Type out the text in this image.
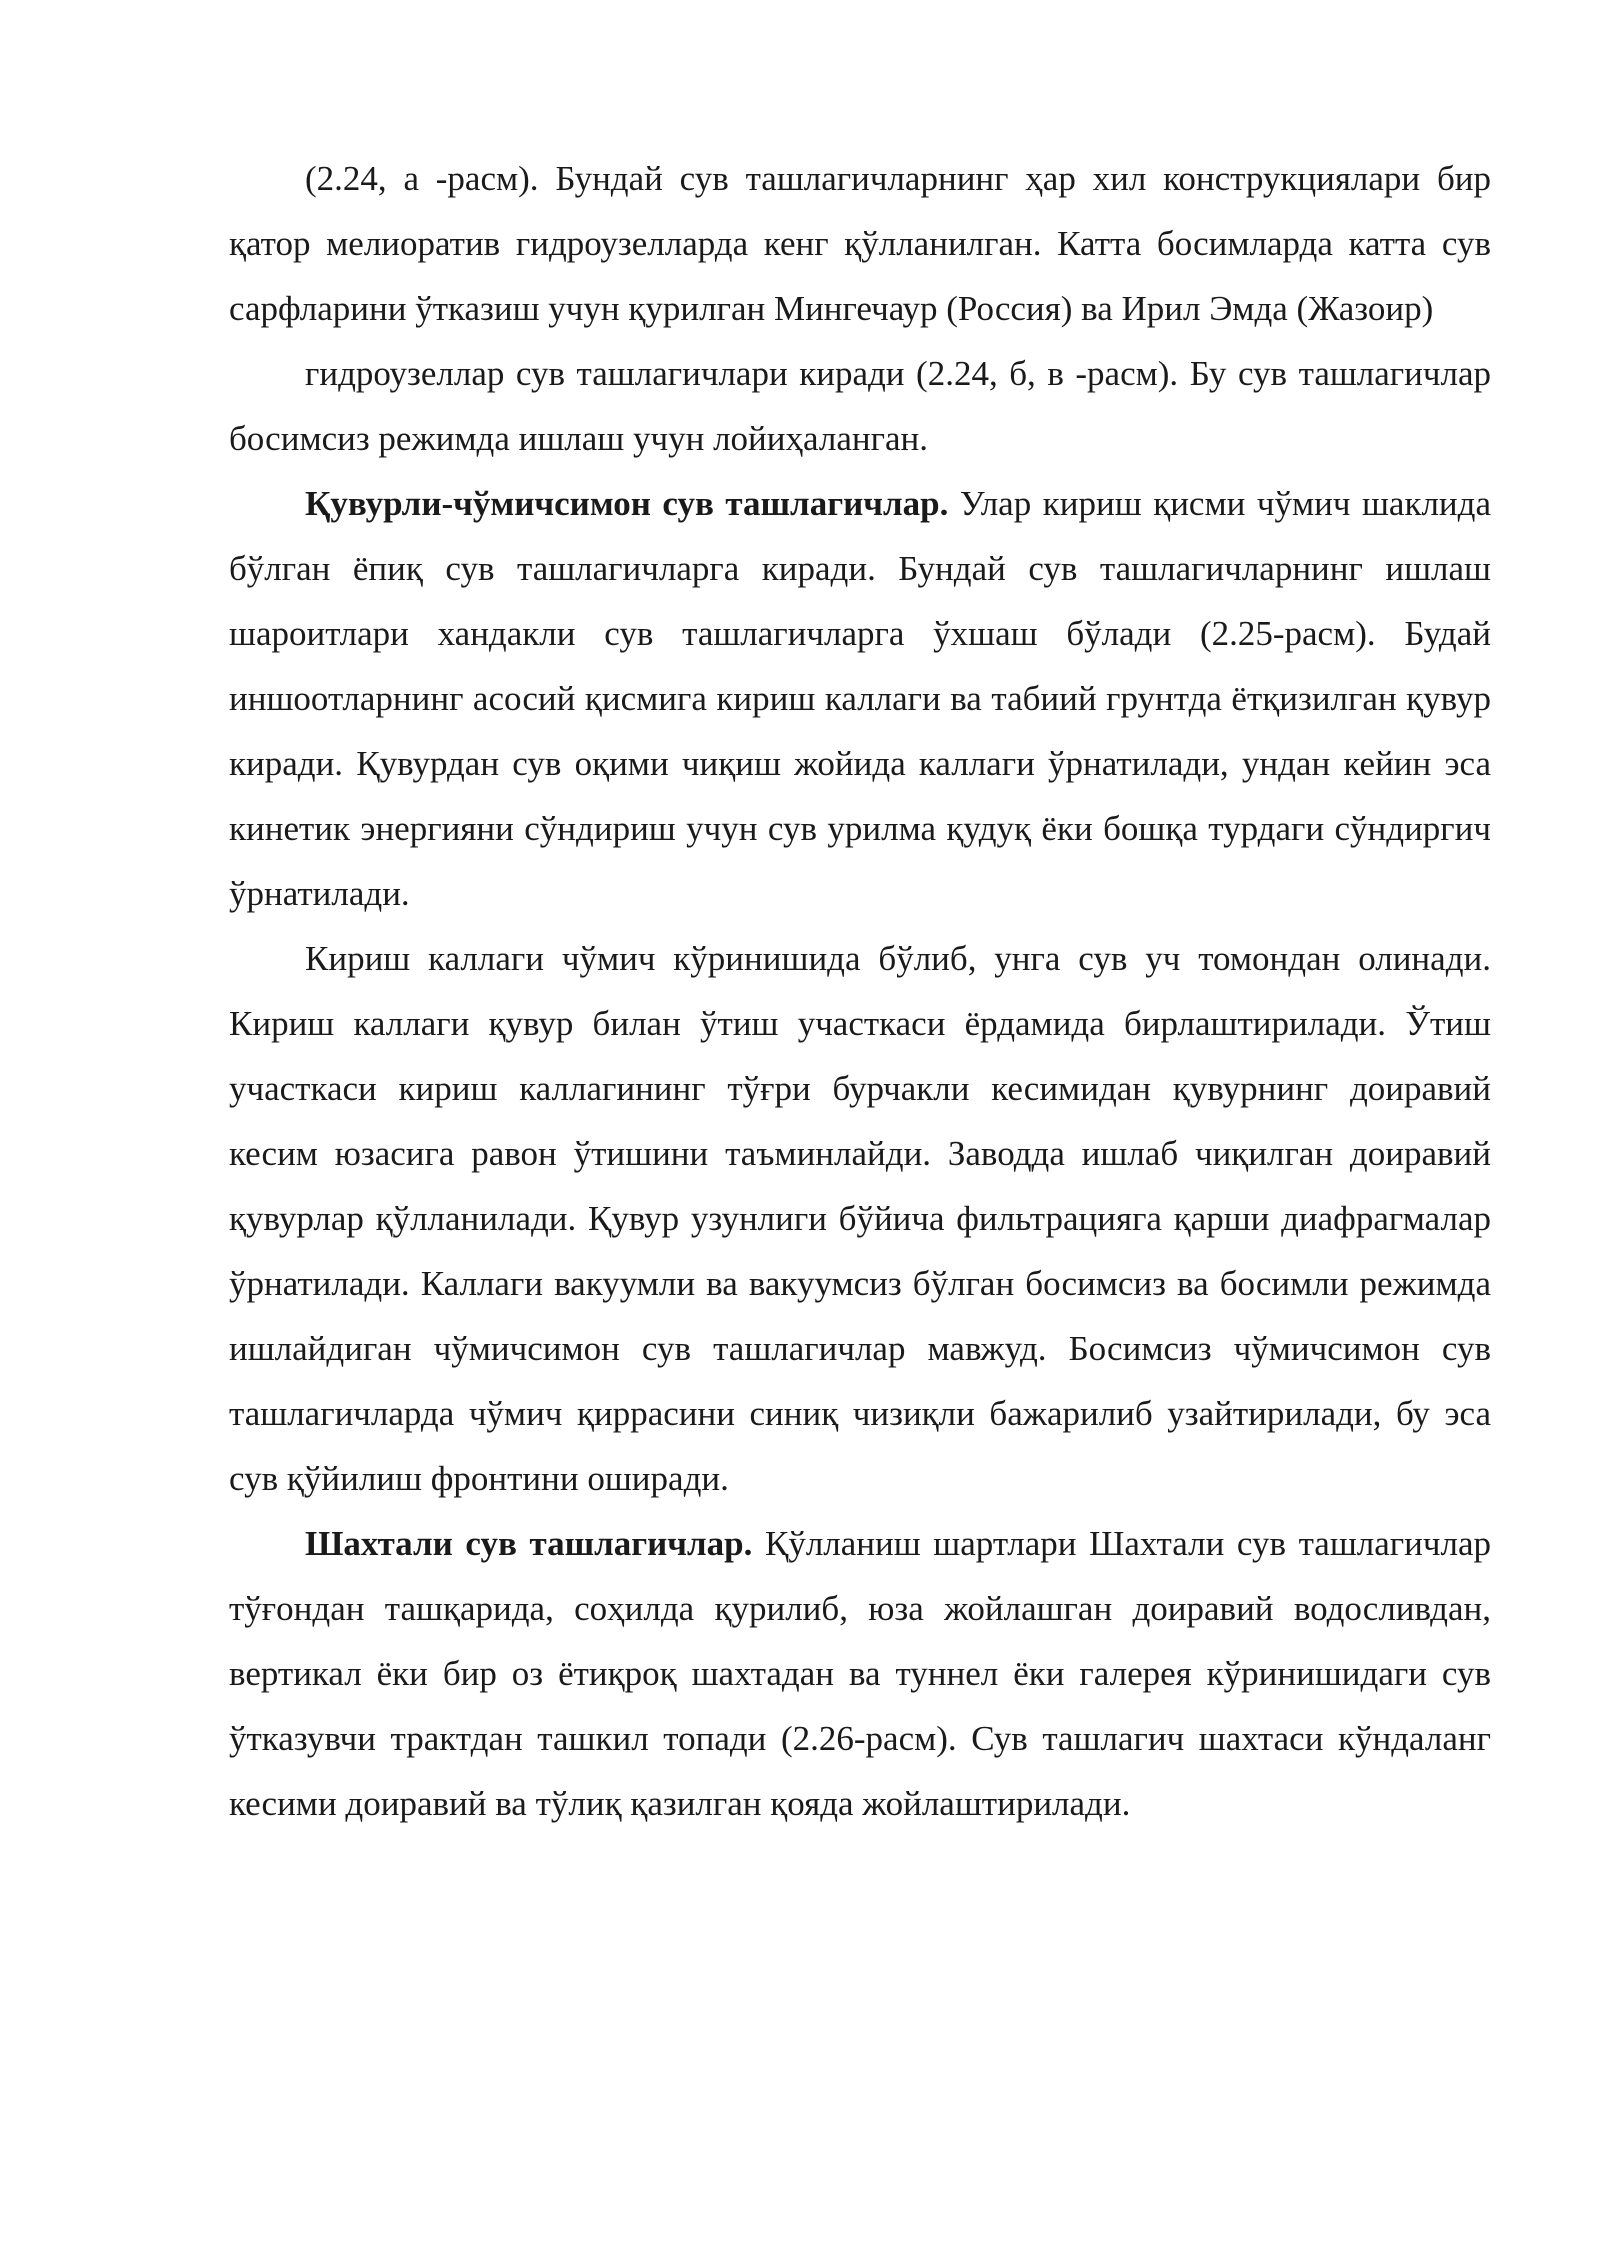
(2.24, а -расм). Бундай сув ташлагичларнинг ҳар хил конструкциялари бир қатор мелиоратив гидроузелларда кенг қўлланилган. Катта босимларда катта сув сарфларини ўтказиш учун қурилган Мингечаур (Россия) ва Ирил Эмда (Жазоир)

гидроузеллар сув ташлагичлари киради (2.24, б, в -расм). Бу сув ташлагичлар босимсиз режимда ишлаш учун лойиҳаланган.

Қувурли-чўмичсимон сув ташлагичлар. Улар кириш қисми чўмич шаклида бўлган ёпиқ сув ташлагичларга киради. Бундай сув ташлагичларнинг ишлаш шароитлари хандакли сув ташлагичларга ўхшаш бўлади (2.25-расм). Будай иншоотларнинг асосий қисмига кириш каллаги ва табиий грунтда ётқизилган қувур киради. Қувурдан сув оқими чиқиш жойида каллаги ўрнатилади, ундан кейин эса кинетик энергияни сўндириш учун сув урилма қудуқ ёки бошқа турдаги сўндиргич ўрнатилади.

Кириш каллаги чўмич кўринишида бўлиб, унга сув уч томондан олинади. Кириш каллаги қувур билан ўтиш участкаси ёрдамида бирлаштирилади. Ўтиш участкаси кириш каллагининг тўғри бурчакли кесимидан қувурнинг доиравий кесим юзасига равон ўтишини таъминлайди. Заводда ишлаб чиқилган доиравий қувурлар қўлланилади. Қувур узунлиги бўйича фильтрацияга қарши диафрагмалар ўрнатилади. Каллаги вакуумли ва вакуумсиз бўлган босимсиз ва босимли режимда ишлайдиган чўмичсимон сув ташлагичлар мавжуд. Босимсиз чўмичсимон сув ташлагичларда чўмич қиррасини синиқ чизиқли бажарилиб узайтирилади, бу эса сув қўйилиш фронтини оширади.

Шахтали сув ташлагичлар. Қўлланиш шартлари Шахтали сув ташлагичлар тўғондан ташқарида, соҳилда қурилиб, юза жойлашган доиравий водосливдан, вертикал ёки бир оз ётиқроқ шахтадан ва туннел ёки галерея кўринишидаги сув ўтказувчи трактдан ташкил топади (2.26-расм). Сув ташлагич шахтаси кўндаланг кесими доиравий ва тўлиқ қазилган қояда жойлаштирилади.
